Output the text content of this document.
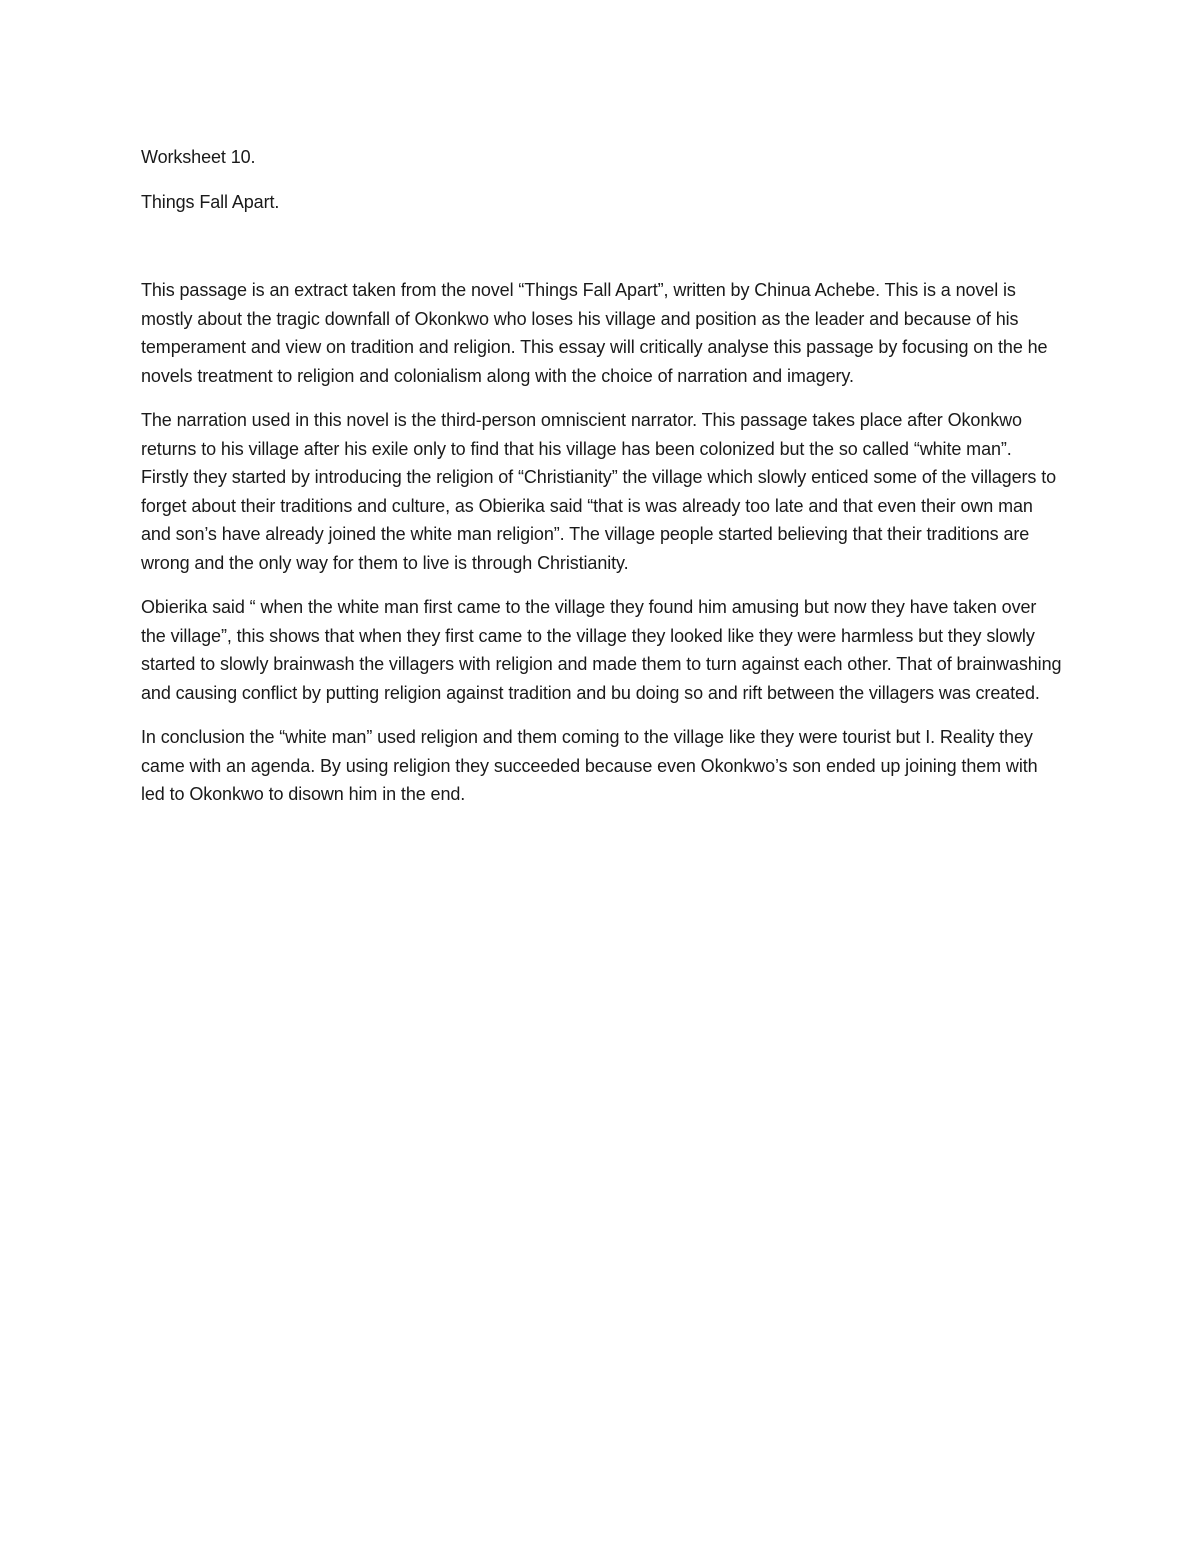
Worksheet 10.

Things Fall Apart.

This passage is an extract taken from the novel “Things Fall Apart”, written by Chinua Achebe. This is a novel is mostly about the tragic downfall of Okonkwo who loses his village and position as the leader and because of his temperament and view on tradition and religion. This essay will critically analyse this passage by focusing on the he novels treatment to religion and colonialism along with the choice of narration and imagery.

The narration used in this novel is the third-person omniscient narrator. This passage takes place after Okonkwo returns to his village after his exile only to find that his village has been colonized but the so called “white man”. Firstly they started by introducing the religion of “Christianity” the village which slowly enticed some of the villagers to forget about their traditions and culture, as Obierika said “that is was already too late and that even their own man and son’s have already joined the white man religion”. The village people started believing that their traditions are wrong and the only way for them to live is through Christianity.

Obierika said “ when the white man first came to the village they found him amusing but now they have taken over the village”, this shows that when they first came to the village they looked like they were harmless but they slowly started to slowly brainwash the villagers with religion and made them to turn against each other. That of brainwashing and causing conflict by putting religion against tradition and bu doing so and rift between the villagers was created.

In conclusion the “white man” used religion and them coming to the village like they were tourist but I. Reality they came with an agenda. By using religion they succeeded because even Okonkwo’s son ended up joining them with led to Okonkwo to disown him in the end.
